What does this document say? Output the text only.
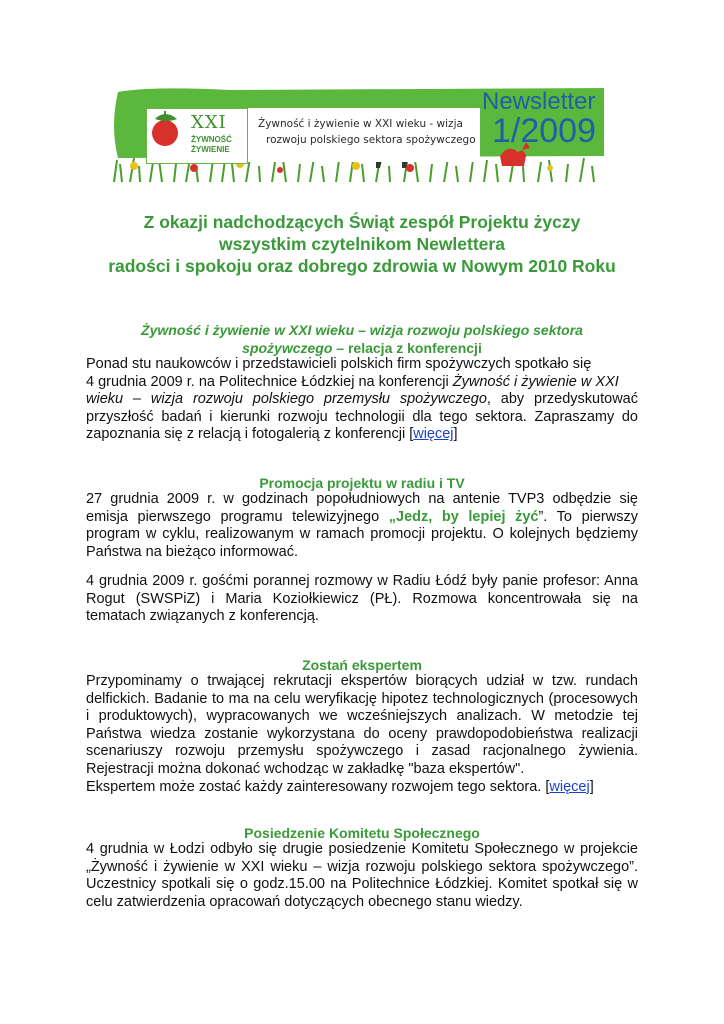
XXI
ŻYWNOŚĆ
ŻYWIENIE
Żywność i żywienie w XXI wieku - wizja
rozwoju polskiego sektora spożywczego
Newsletter
1/2009
Z okazji nadchodzących Świąt zespół Projektu życzy
wszystkim czytelnikom Newlettera
radości i spokoju oraz dobrego zdrowia w Nowym 2010 Roku
Żywność i żywienie w XXI wieku – wizja rozwoju polskiego sektora
spożywczego – relacja z konferencji
Ponad stu naukowców i przedstawicieli polskich firm spożywczych spotkało się
4 grudnia 2009 r. na Politechnice Łódzkiej na konferencji Żywność i żywienie w XXI
wieku – wizja rozwoju polskiego przemysłu spożywczego, aby przedyskutować
przyszłość badań i kierunki rozwoju technologii dla tego sektora. Zapraszamy do
zapoznania się z relacją i fotogalerią z konferencji [więcej]
Promocja projektu w radiu i TV
27 grudnia 2009 r. w godzinach popołudniowych na antenie TVP3 odbędzie się
emisja pierwszego programu telewizyjnego „Jedz, by lepiej żyć”. To pierwszy
program w cyklu, realizowanym w ramach promocji projektu. O kolejnych będziemy
Państwa na bieżąco informować.
4 grudnia 2009 r. gośćmi porannej rozmowy w Radiu Łódź były panie profesor: Anna
Rogut (SWSPiZ) i Maria Koziołkiewicz (PŁ). Rozmowa koncentrowała się na
tematach związanych z konferencją.
Zostań ekspertem
Przypominamy o trwającej rekrutacji ekspertów biorących udział w tzw. rundach
delfickich. Badanie to ma na celu weryfikację hipotez technologicznych (procesowych
i produktowych), wypracowanych we wcześniejszych analizach. W metodzie tej
Państwa wiedza zostanie wykorzystana do oceny prawdopodobieństwa realizacji
scenariuszy rozwoju przemysłu spożywczego i zasad racjonalnego żywienia.
Rejestracji można dokonać wchodząc w zakładkę "baza ekspertów".
Ekspertem może zostać każdy zainteresowany rozwojem tego sektora. [więcej]
Posiedzenie Komitetu Społecznego
4 grudnia w Łodzi odbyło się drugie posiedzenie Komitetu Społecznego w projekcie
„Żywność i żywienie w XXI wieku – wizja rozwoju polskiego sektora spożywczego”.
Uczestnicy spotkali się o godz.15.00 na Politechnice Łódzkiej. Komitet spotkał się w
celu zatwierdzenia opracowań dotyczących obecnego stanu wiedzy.
